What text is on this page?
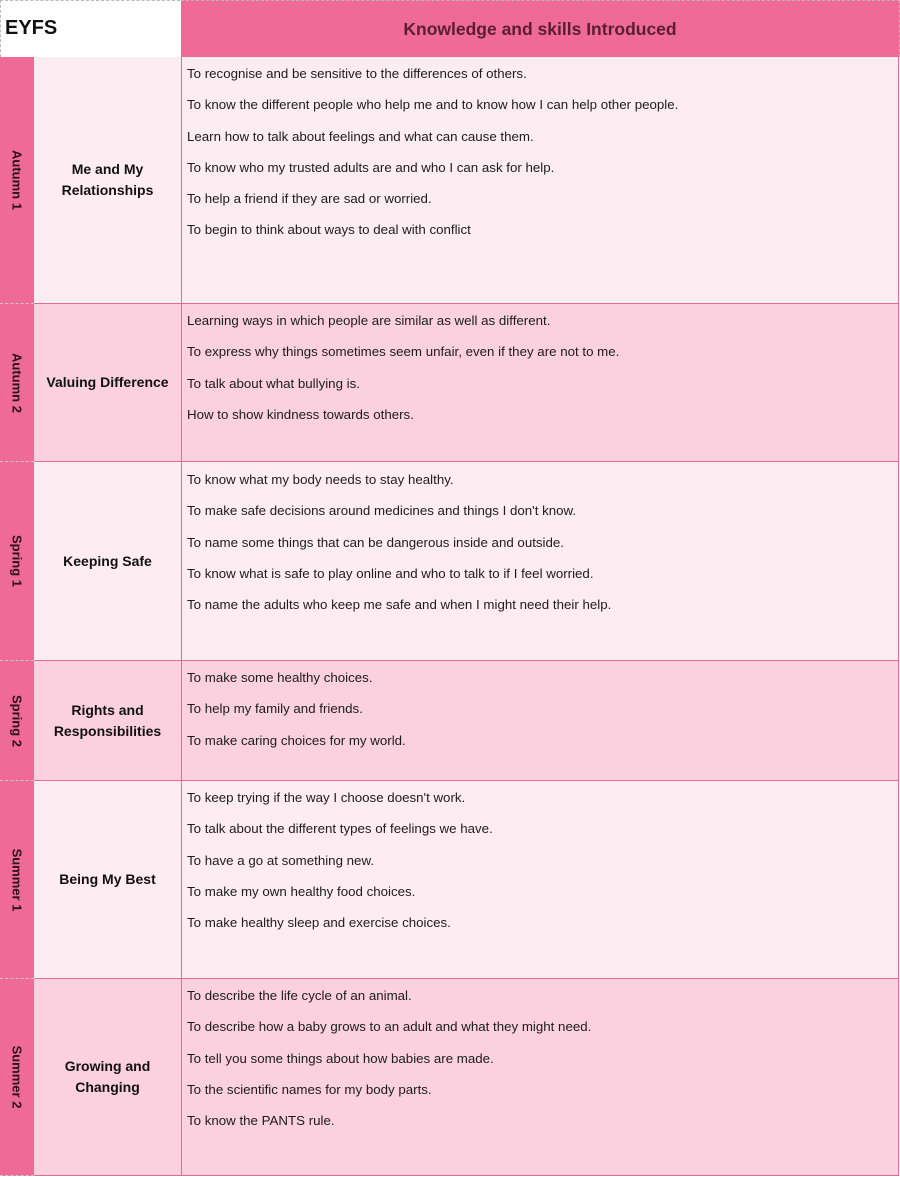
EYFS	Knowledge and skills Introduced
Autumn 1	Me and My Relationships
To recognise and be sensitive to the differences of others.
To know the different people who help me and to know how I can help other people.
Learn how to talk about feelings and what can cause them.
To know who my trusted adults are and who I can ask for help.
To help a friend if they are sad or worried.
To begin to think about ways to deal with conflict
Autumn 2	Valuing Difference
Learning ways in which people are similar as well as different.
To express why things sometimes seem unfair, even if they are not to me.
To talk about what bullying is.
How to show kindness towards others.
Spring 1	Keeping Safe
To know what my body needs to stay healthy.
To make safe decisions around medicines and things I don't know.
To name some things that can be dangerous inside and outside.
To know what is safe to play online and who to talk to if I feel worried.
To name the adults who keep me safe and when I might need their help.
Spring 2	Rights and Responsibilities
To make some healthy choices.
To help my family and friends.
To make caring choices for my world.
Summer 1	Being My Best
To keep trying if the way I choose doesn't work.
To talk about the different types of feelings we have.
To have a go at something new.
To make my own healthy food choices.
To make healthy sleep and exercise choices.
Summer 2	Growing and Changing
To describe the life cycle of an animal.
To describe how a baby grows to an adult and what they might need.
To tell you some things about how babies are made.
To the scientific names for my body parts.
To know the PANTS rule.
